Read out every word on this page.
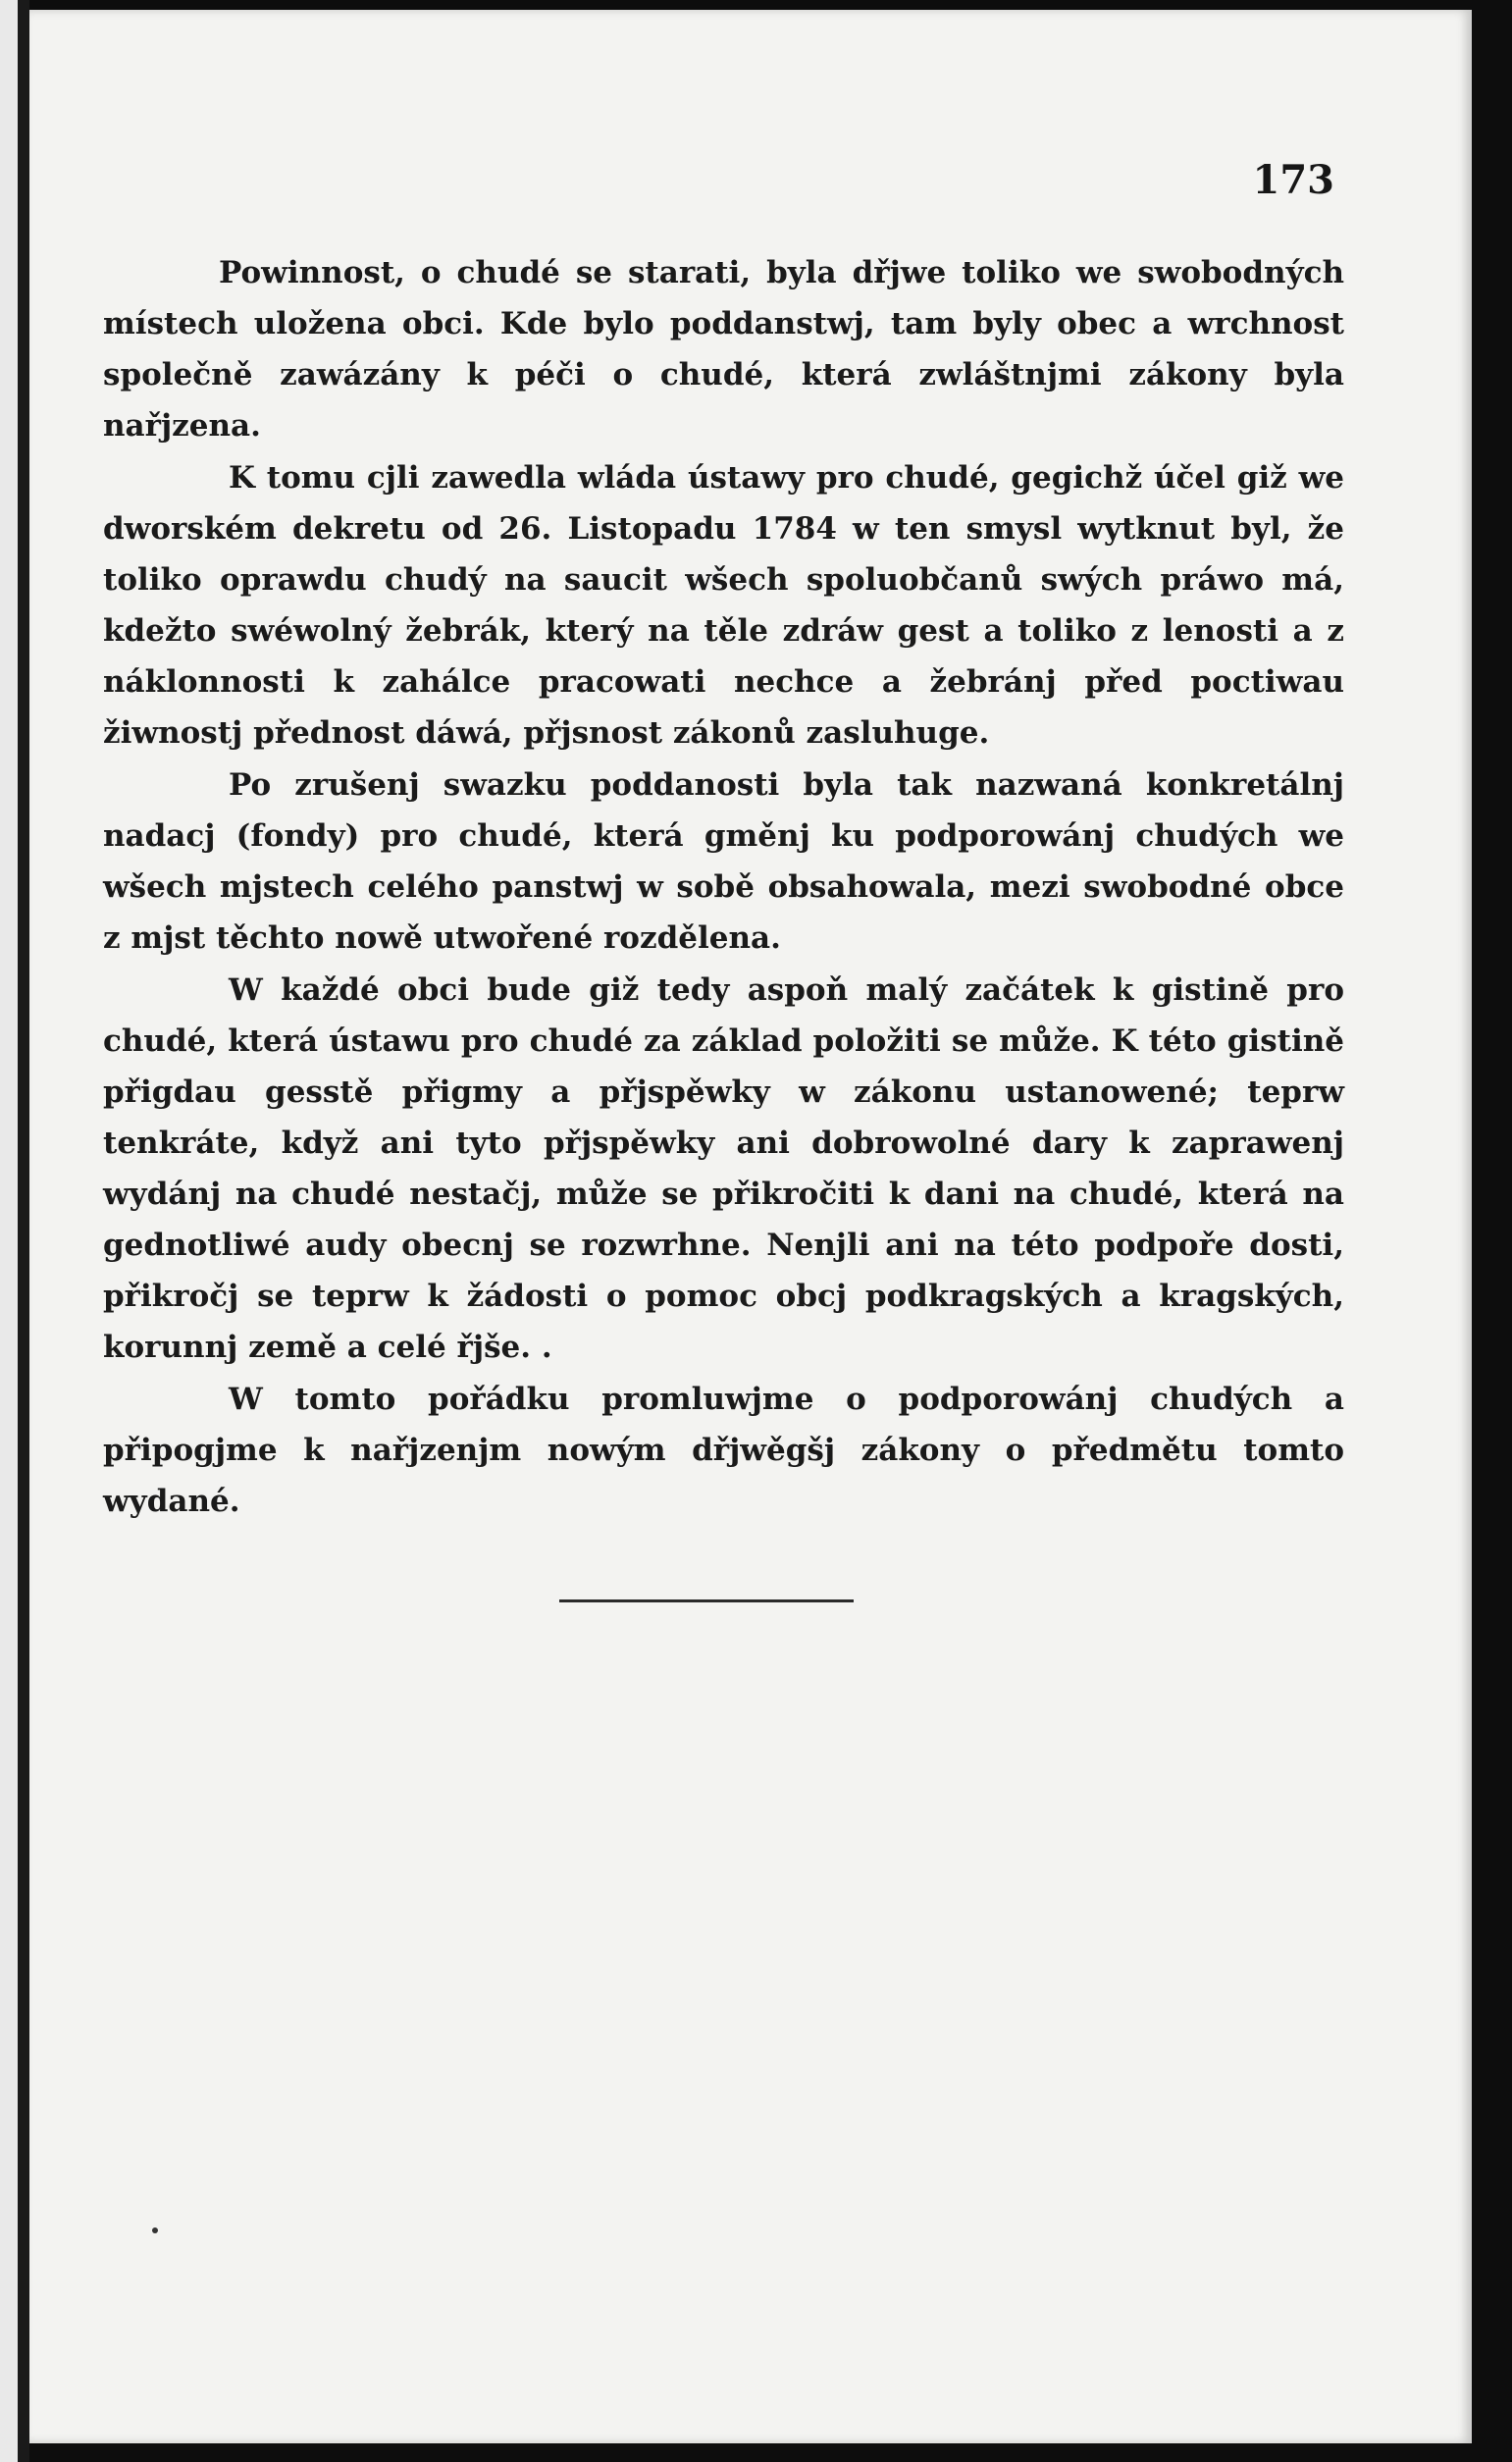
173

Powinnost, o chudé se starati, byla dřjwe toliko we swobodných místech uložena obci. Kde bylo poddanstwj, tam byly obec a wrchnost společně zawázány k péči o chudé, která zwláštnjmi zákony byla nařjzena.

K tomu cjli zawedla wláda ústawy pro chudé, gegichž účel giž we dworském dekretu od 26. Listopadu 1784 w ten smysl wytknut byl, že toliko oprawdu chudý na saucit wšech spoluobčanů swých práwo má, kdežto swéwolný žebrák, který na těle zdráw gest a toliko z lenosti a z náklonnosti k zahálce pracowati nechce a žebránj před poctiwau žiwnostj přednost dáwá, přjsnost zákonů zasluhuge.

Po zrušenj swazku poddanosti byla tak nazwaná konkretálnj nadacj (fondy) pro chudé, která gměnj ku podporowánj chudých we wšech mjstech celého panstwj w sobě obsahowala, mezi swobodné obce z mjst těchto nowě utwořené rozdělena.

W každé obci bude giž tedy aspoň malý začátek k gistině pro chudé, která ústawu pro chudé za základ položiti se může. K této gistině přigdau gesstě přigmy a přjspěwky w zákonu ustanowené; teprw tenkráte, když ani tyto přjspěwky ani dobrowolné dary k zaprawenj wydánj na chudé nestačj, může se přikročiti k dani na chudé, která na gednotliwé audy obecnj se rozwrhne. Nenjli ani na této podpoře dosti, přikročj se teprw k žádosti o pomoc obcj podkragských a kragských, korunnj země a celé řjše. .

W tomto pořádku promluwjme o podporowánj chudých a připogjme k nařjzenjm nowým dřjwěgšj zákony o předmětu tomto wydané.
